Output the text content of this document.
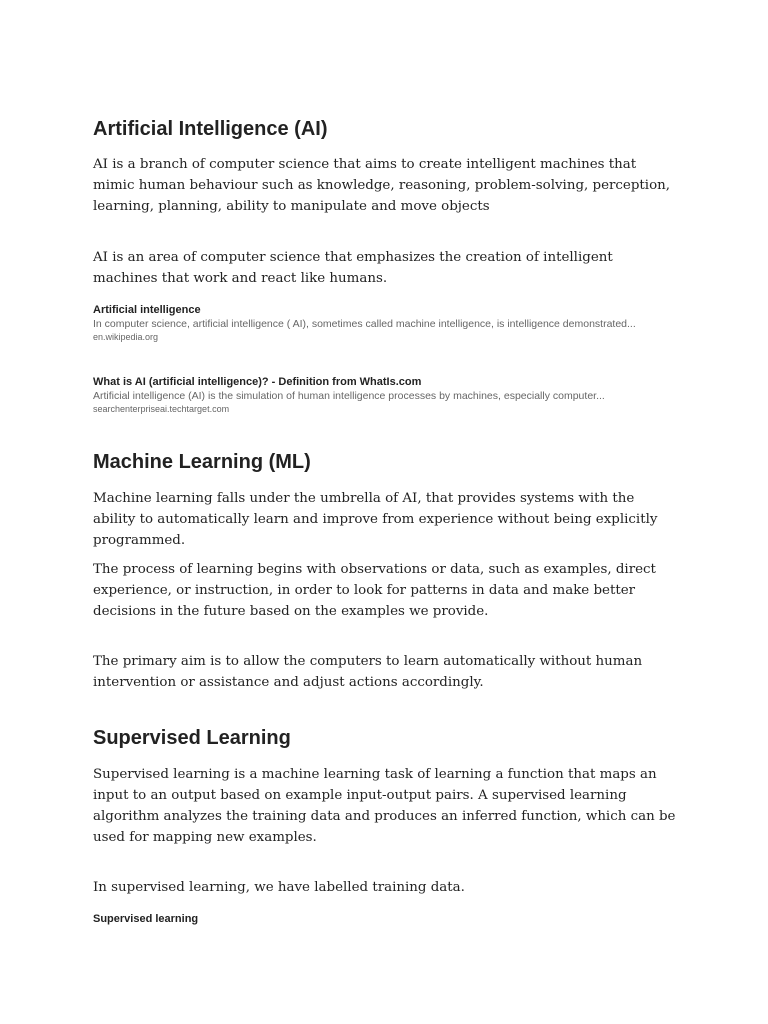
Artificial Intelligence (AI)

AI is a branch of computer science that aims to create intelligent machines that mimic human behaviour such as knowledge, reasoning, problem-solving, perception, learning, planning, ability to manipulate and move objects

AI is an area of computer science that emphasizes the creation of intelligent machines that work and react like humans.

Artificial intelligence
In computer science, artificial intelligence ( AI), sometimes called machine intelligence, is intelligence demonstrated...
en.wikipedia.org
What is AI (artificial intelligence)? - Definition from WhatIs.com
Artificial intelligence (AI) is the simulation of human intelligence processes by machines, especially computer...
searchenterpriseai.techtarget.com
Machine Learning (ML)

Machine learning falls under the umbrella of AI, that provides systems with the ability to automatically learn and improve from experience without being explicitly programmed.

The process of learning begins with observations or data, such as examples, direct experience, or instruction, in order to look for patterns in data and make better decisions in the future based on the examples we provide.

The primary aim is to allow the computers to learn automatically without human intervention or assistance and adjust actions accordingly.

Supervised Learning

Supervised learning is a machine learning task of learning a function that maps an input to an output based on example input-output pairs. A supervised learning algorithm analyzes the training data and produces an inferred function, which can be used for mapping new examples.

In supervised learning, we have labelled training data.

Supervised learning
